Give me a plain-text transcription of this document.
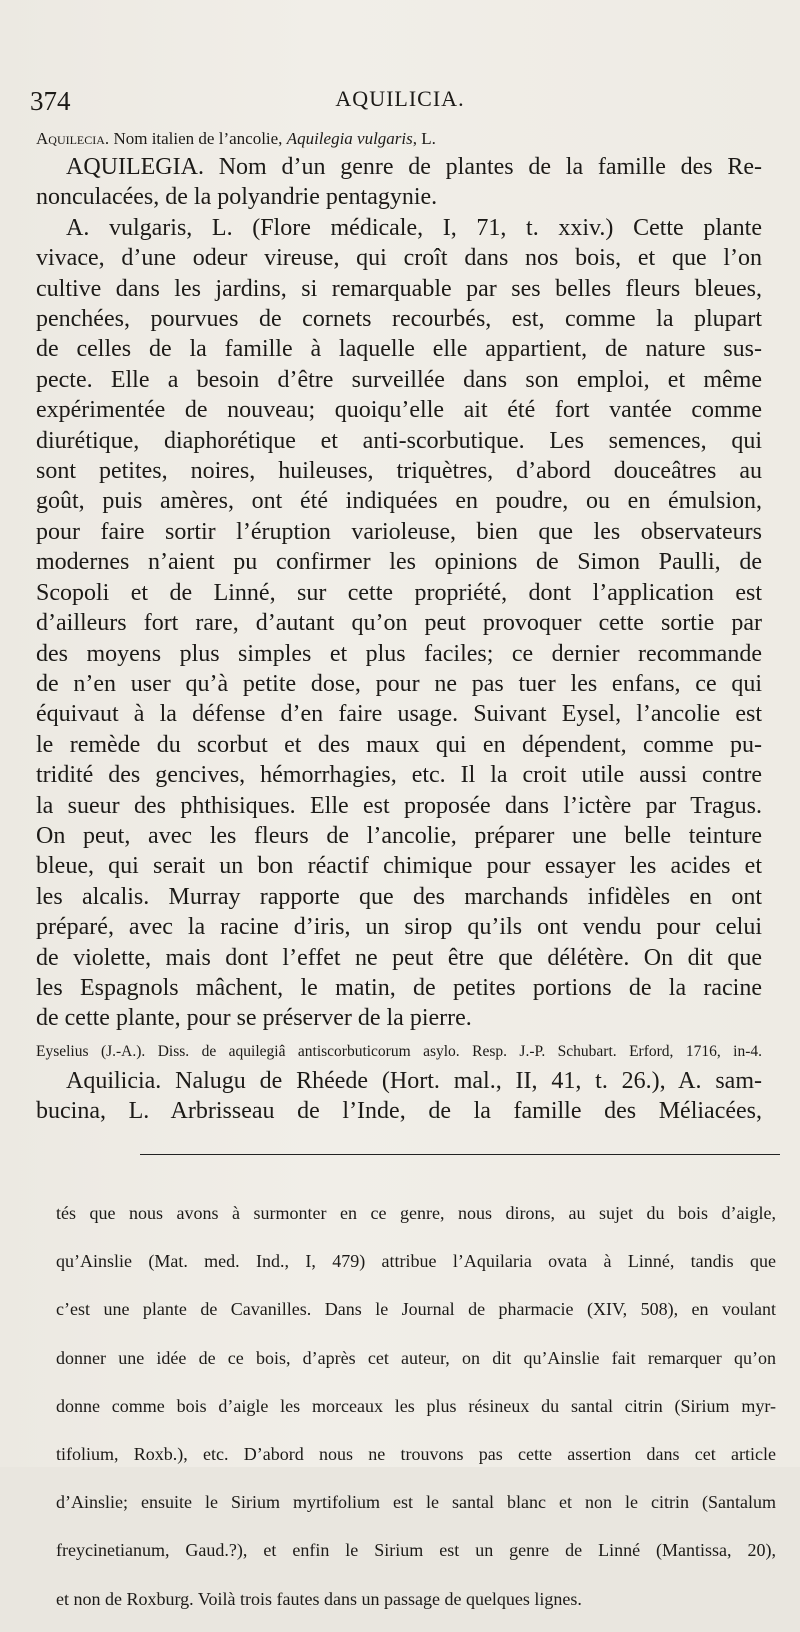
374	AQUILICIA.

Aquilecia. Nom italien de l’ancolie, Aquilegia vulgaris, L.

AQUILEGIA. Nom d’un genre de plantes de la famille des Re-

nonculacées, de la polyandrie pentagynie.

A. vulgaris, L. (Flore médicale, I, 71, t. xxiv.) Cette plante

vivace, d’une odeur vireuse, qui croît dans nos bois, et que l’on

cultive dans les jardins, si remarquable par ses belles fleurs bleues,

penchées, pourvues de cornets recourbés, est, comme la plupart

de celles de la famille à laquelle elle appartient, de nature sus-

pecte. Elle a besoin d’être surveillée dans son emploi, et même

expérimentée de nouveau; quoiqu’elle ait été fort vantée comme

diurétique, diaphorétique et anti-scorbutique. Les semences, qui

sont petites, noires, huileuses, triquètres, d’abord douceâtres au

goût, puis amères, ont été indiquées en poudre, ou en émulsion,

pour faire sortir l’éruption varioleuse, bien que les observateurs

modernes n’aient pu confirmer les opinions de Simon Paulli, de

Scopoli et de Linné, sur cette propriété, dont l’application est

d’ailleurs fort rare, d’autant qu’on peut provoquer cette sortie par

des moyens plus simples et plus faciles; ce dernier recommande

de n’en user qu’à petite dose, pour ne pas tuer les enfans, ce qui

équivaut à la défense d’en faire usage. Suivant Eysel, l’ancolie est

le remède du scorbut et des maux qui en dépendent, comme pu-

tridité des gencives, hémorrhagies, etc. Il la croit utile aussi contre

la sueur des phthisiques. Elle est proposée dans l’ictère par Tragus.

On peut, avec les fleurs de l’ancolie, préparer une belle teinture

bleue, qui serait un bon réactif chimique pour essayer les acides et

les alcalis. Murray rapporte que des marchands infidèles en ont

préparé, avec la racine d’iris, un sirop qu’ils ont vendu pour celui

de violette, mais dont l’effet ne peut être que délétère. On dit que

les Espagnols mâchent, le matin, de petites portions de la racine

de cette plante, pour se préserver de la pierre.

Eyselius (J.-A.). Diss. de aquilegiâ antiscorbuticorum asylo. Resp. J.-P. Schubart. Erford, 1716, in-4.

Aquilicia. Nalugu de Rhéede (Hort. mal., II, 41, t. 26.), A. sam-

bucina, L. Arbrisseau de l’Inde, de la famille des Méliacées,

tés que nous avons à surmonter en ce genre, nous dirons, au sujet du bois d’aigle,

qu’Ainslie (Mat. med. Ind., I, 479) attribue l’Aquilaria ovata à Linné, tandis que

c’est une plante de Cavanilles. Dans le Journal de pharmacie (XIV, 508), en voulant

donner une idée de ce bois, d’après cet auteur, on dit qu’Ainslie fait remarquer qu’on

donne comme bois d’aigle les morceaux les plus résineux du santal citrin (Sirium myr-

tifolium, Roxb.), etc. D’abord nous ne trouvons pas cette assertion dans cet article

d’Ainslie; ensuite le Sirium myrtifolium est le santal blanc et non le citrin (Santalum

freycinetianum, Gaud.?), et enfin le Sirium est un genre de Linné (Mantissa, 20),

et non de Roxburg. Voilà trois fautes dans un passage de quelques lignes.
